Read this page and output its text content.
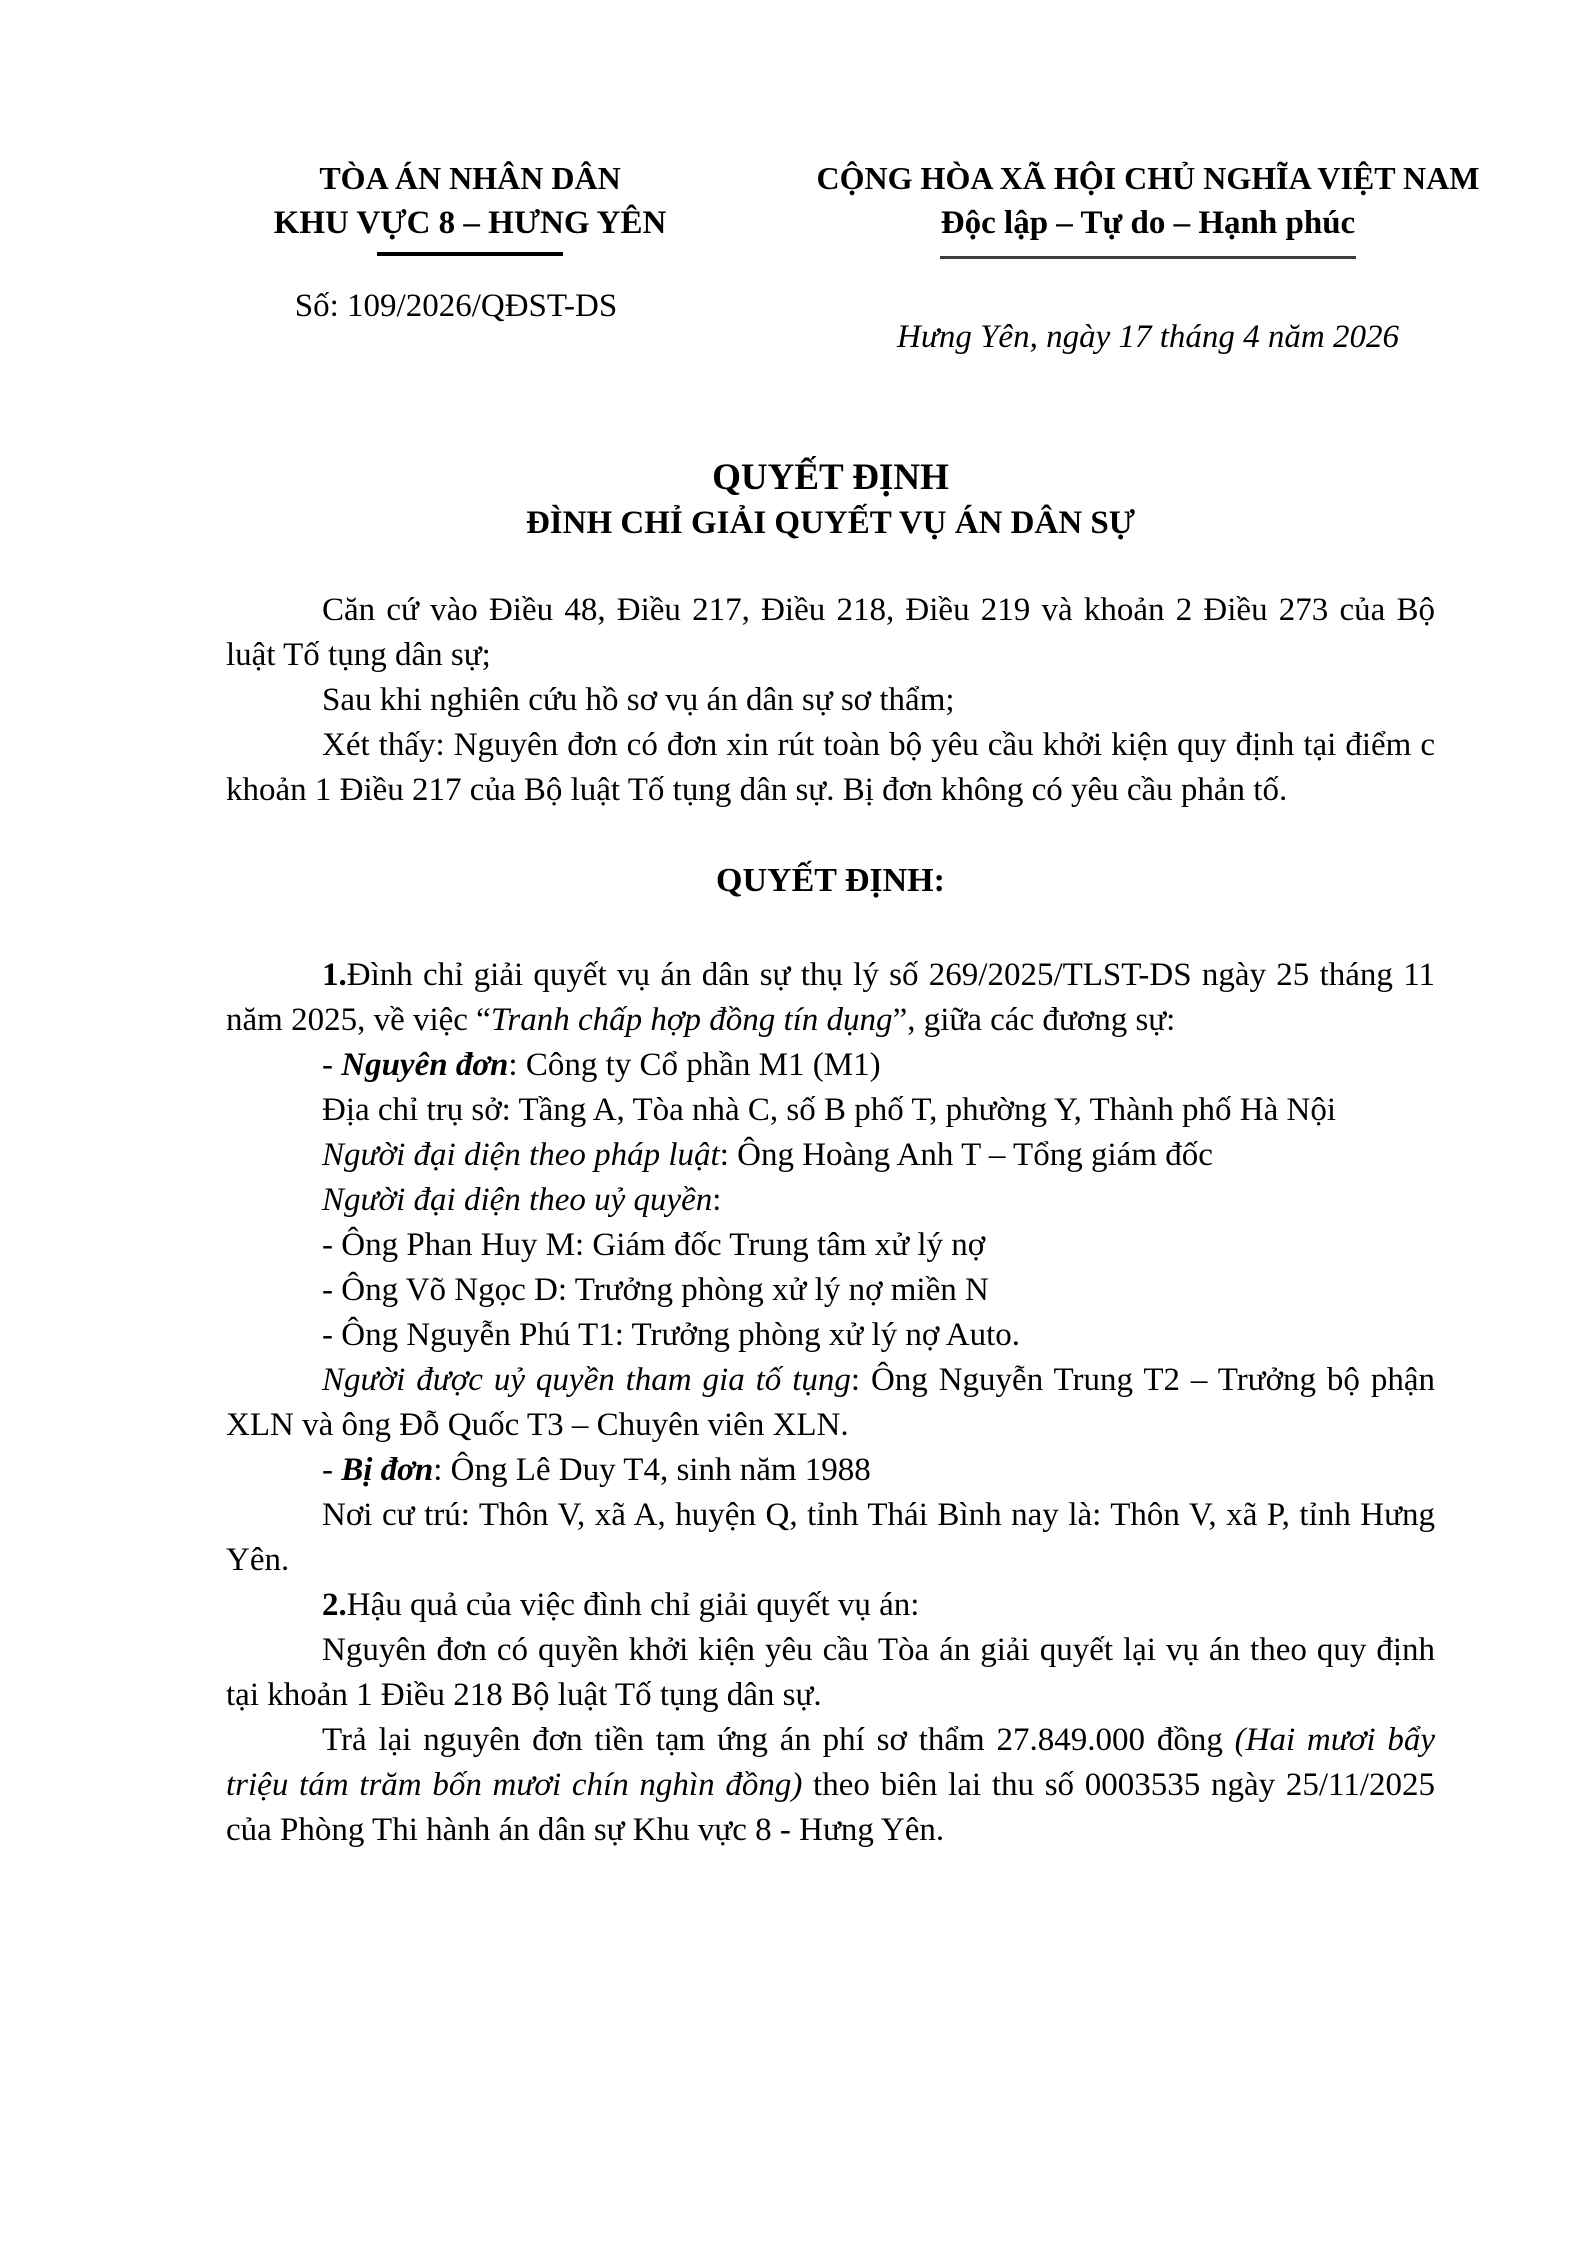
TÒA ÁN NHÂN DÂN
KHU VỰC 8 – HƯNG YÊN
Số: 109/2026/QĐST-DS
CỘNG HÒA XÃ HỘI CHỦ NGHĨA VIỆT NAM
Độc lập – Tự do – Hạnh phúc
Hưng Yên, ngày 17 tháng 4 năm 2026
QUYẾT ĐỊNH
ĐÌNH CHỈ GIẢI QUYẾT VỤ ÁN DÂN SỰ

Căn cứ vào Điều 48, Điều 217, Điều 218, Điều 219 và khoản 2 Điều 273 của Bộ luật Tố tụng dân sự;

Sau khi nghiên cứu hồ sơ vụ án dân sự sơ thẩm;

Xét thấy: Nguyên đơn có đơn xin rút toàn bộ yêu cầu khởi kiện quy định tại điểm c khoản 1 Điều 217 của Bộ luật Tố tụng dân sự. Bị đơn không có yêu cầu phản tố.

QUYẾT ĐỊNH:

1.Đình chỉ giải quyết vụ án dân sự thụ lý số 269/2025/TLST-DS ngày 25 tháng 11 năm 2025, về việc “Tranh chấp hợp đồng tín dụng”, giữa các đương sự:

- Nguyên đơn: Công ty Cổ phần M1 (M1)

Địa chỉ trụ sở: Tầng A, Tòa nhà C, số B phố T, phường Y, Thành phố Hà Nội

Người đại diện theo pháp luật: Ông Hoàng Anh T – Tổng giám đốc

Người đại diện theo uỷ quyền:

- Ông Phan Huy M: Giám đốc Trung tâm xử lý nợ

- Ông Võ Ngọc D: Trưởng phòng xử lý nợ miền N

- Ông Nguyễn Phú T1: Trưởng phòng xử lý nợ Auto.

Người được uỷ quyền tham gia tố tụng: Ông Nguyễn Trung T2 – Trưởng bộ phận XLN và ông Đỗ Quốc T3 – Chuyên viên XLN.

- Bị đơn: Ông Lê Duy T4, sinh năm 1988

Nơi cư trú: Thôn V, xã A, huyện Q, tỉnh Thái Bình nay là: Thôn V, xã P, tỉnh Hưng Yên.

2.Hậu quả của việc đình chỉ giải quyết vụ án:

Nguyên đơn có quyền khởi kiện yêu cầu Tòa án giải quyết lại vụ án theo quy định tại khoản 1 Điều 218 Bộ luật Tố tụng dân sự.

Trả lại nguyên đơn tiền tạm ứng án phí sơ thẩm 27.849.000 đồng (Hai mươi bẩy triệu tám trăm bốn mươi chín nghìn đồng) theo biên lai thu số 0003535 ngày 25/11/2025 của Phòng Thi hành án dân sự Khu vực 8 - Hưng Yên.
